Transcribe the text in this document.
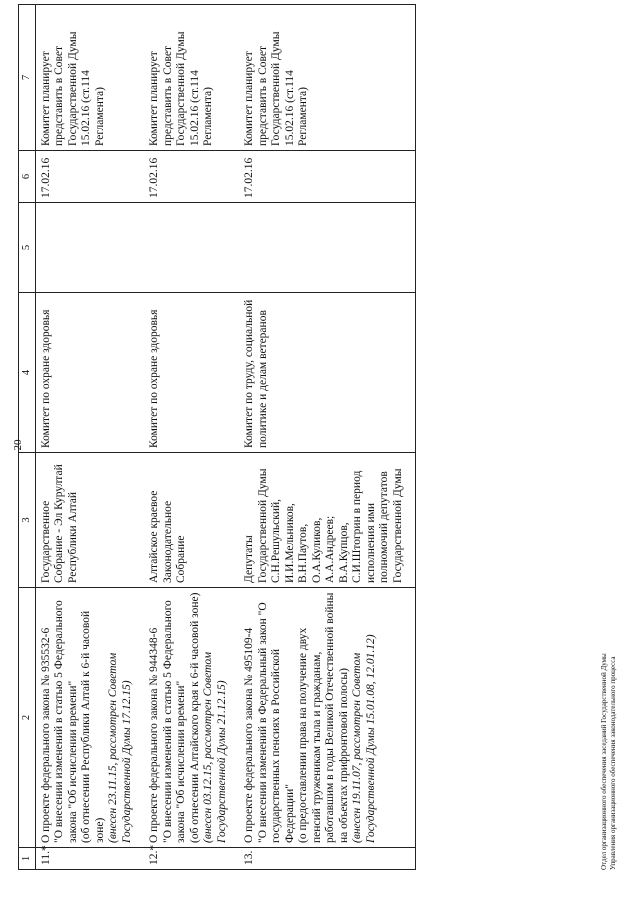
20
1	2	3	4	5	6	7
11.*	О проекте федерального закона № 935532-6 "О внесении изменений в статью 5 Федерального закона "Об исчислении времени" (об отнесении Республики Алтай к 6-й часовой зоне) (внесен 23.11.15, рассмотрен Советом Государственной Думы 17.12.15)	Государственное Собрание - Эл Курултай Республики Алтай	Комитет по охране здоровья		17.02.16	Комитет планирует представить в Совет Государственной Думы 15.02.16 (ст.114 Регламента)
12.*	О проекте федерального закона № 944348-6 "О внесении изменений в статью 5 Федерального закона "Об исчислении времени" (об отнесении Алтайского края к 6-й часовой зоне) (внесен 03.12.15, рассмотрен Советом Государственной Думы 21.12.15)	Алтайское краевое Законодательное Собрание	Комитет по охране здоровья		17.02.16	Комитет планирует представить в Совет Государственной Думы 15.02.16 (ст.114 Регламента)
13.	О проекте федерального закона № 495109-4 "О внесении изменений в Федеральный закон "О государственных пенсиях в Российской Федерации" (о предоставлении права на получение двух пенсий труженикам тыла и гражданам, работавшим в годы Великой Отечественной войны на объектах прифронтовой полосы) (внесен 19.11.07, рассмотрен Советом Государственной Думы 15.01.08, 12.01.12)	Депутаты Государственной Думы С.Н.Решульский, И.И.Мельников, В.Н.Паутов, О.А.Куликов, А.А.Андреев; В.А.Купцов, С.И.Штогрин в период исполнения ими полномочий депутатов Государственной Думы	Комитет по труду, социальной политике и делам ветеранов		17.02.16	Комитет планирует представить в Совет Государственной Думы 15.02.16 (ст.114 Регламента)
Отдел организационного обеспечения заседаний Государственной Думы Управления организационного обеспечения законодательного процесса
